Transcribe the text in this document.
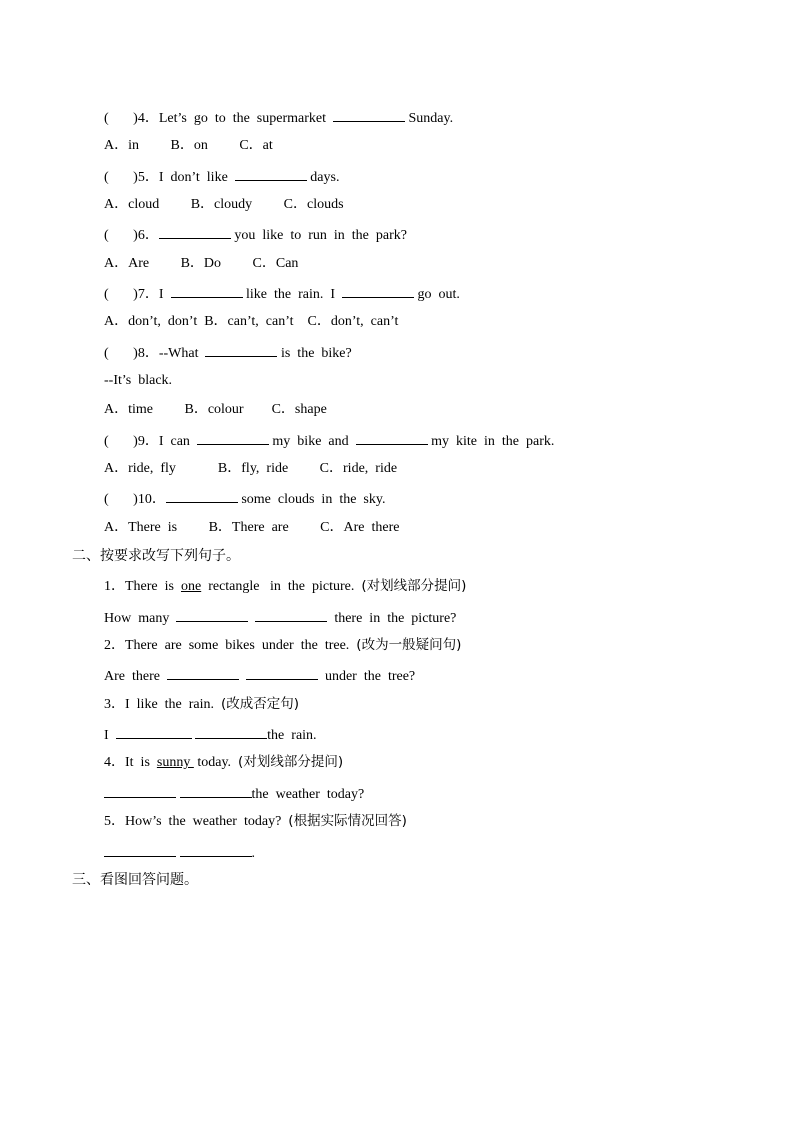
(       )4．Let’s  go  to  the  supermarket	Sunday.
A．in         B．on         C．at
(       )5．I  don’t  like	days.
A．cloud         B．cloudy         C．clouds
(       )6．	you  like  to  run  in  the  park?
A．Are         B．Do         C．Can
(       )7．I	like  the  rain.  I	go  out.
A．don’t,  don’t  B．can’t,  can’t    C．don’t,  can’t
(       )8．--What	is  the  bike?
--It’s  black.
A．time         B．colour        C．shape
(       )9．I  can	my  bike  and	my  kite  in  the  park.
A．ride,  fly            B．fly,  ride         C．ride,  ride
(       )10．	some  clouds  in  the  sky.
A．There  is         B．There  are         C．Are  there
二、按要求改写下列句子。
1．There  is  one  rectangle   in  the  picture.  (对划线部分提问)
How  many	there  in  the  picture?
2．There  are  some  bikes  under  the  tree.  (改为一般疑问句)
Are  there	under  the  tree?
3．I  like  the  rain.  (改成否定句)
I	the  rain.
4．It  is  sunny  today.  (对划线部分提问)
the  weather  today?
5．How’s  the  weather  today?  (根据实际情况回答)
.
三、看图回答问题。
